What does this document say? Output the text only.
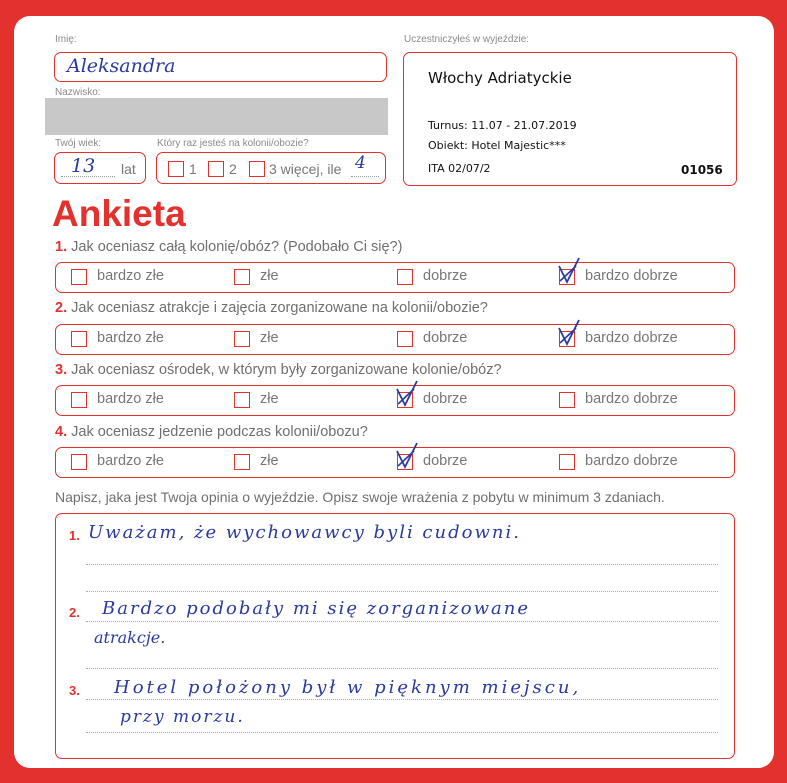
Imię:
Aleksandra
Nazwisko:
Twój wiek:
13 lat
Który raz jesteś na kolonii/obozie?
1 2 3 więcej, ile 4
Uczestniczyłeś w wyjeździe:
Włochy Adriatyckie
Turnus: 11.07 - 21.07.2019
Obiekt: Hotel Majestic***
ITA 02/07/2	01056
Ankieta
1. Jak oceniasz całą kolonię/obóz? (Podobało Ci się?)
bardzo złe	złe	dobrze	bardzo dobrze
2. Jak oceniasz atrakcje i zajęcia zorganizowane na kolonii/obozie?
bardzo złe	złe	dobrze	bardzo dobrze
3. Jak oceniasz ośrodek, w którym były zorganizowane kolonie/obóz?
bardzo złe	złe	dobrze	bardzo dobrze
4. Jak oceniasz jedzenie podczas kolonii/obozu?
bardzo złe	złe	dobrze	bardzo dobrze
Napisz, jaka jest Twoja opinia o wyjeździe. Opisz swoje wrażenia z pobytu w minimum 3 zdaniach.
1. Uważam, że wychowawcy byli cudowni.
2. Bardzo podobały mi się zorganizowane
atrakcje.
3. Hotel położony był w pięknym miejscu,
przy morzu.
